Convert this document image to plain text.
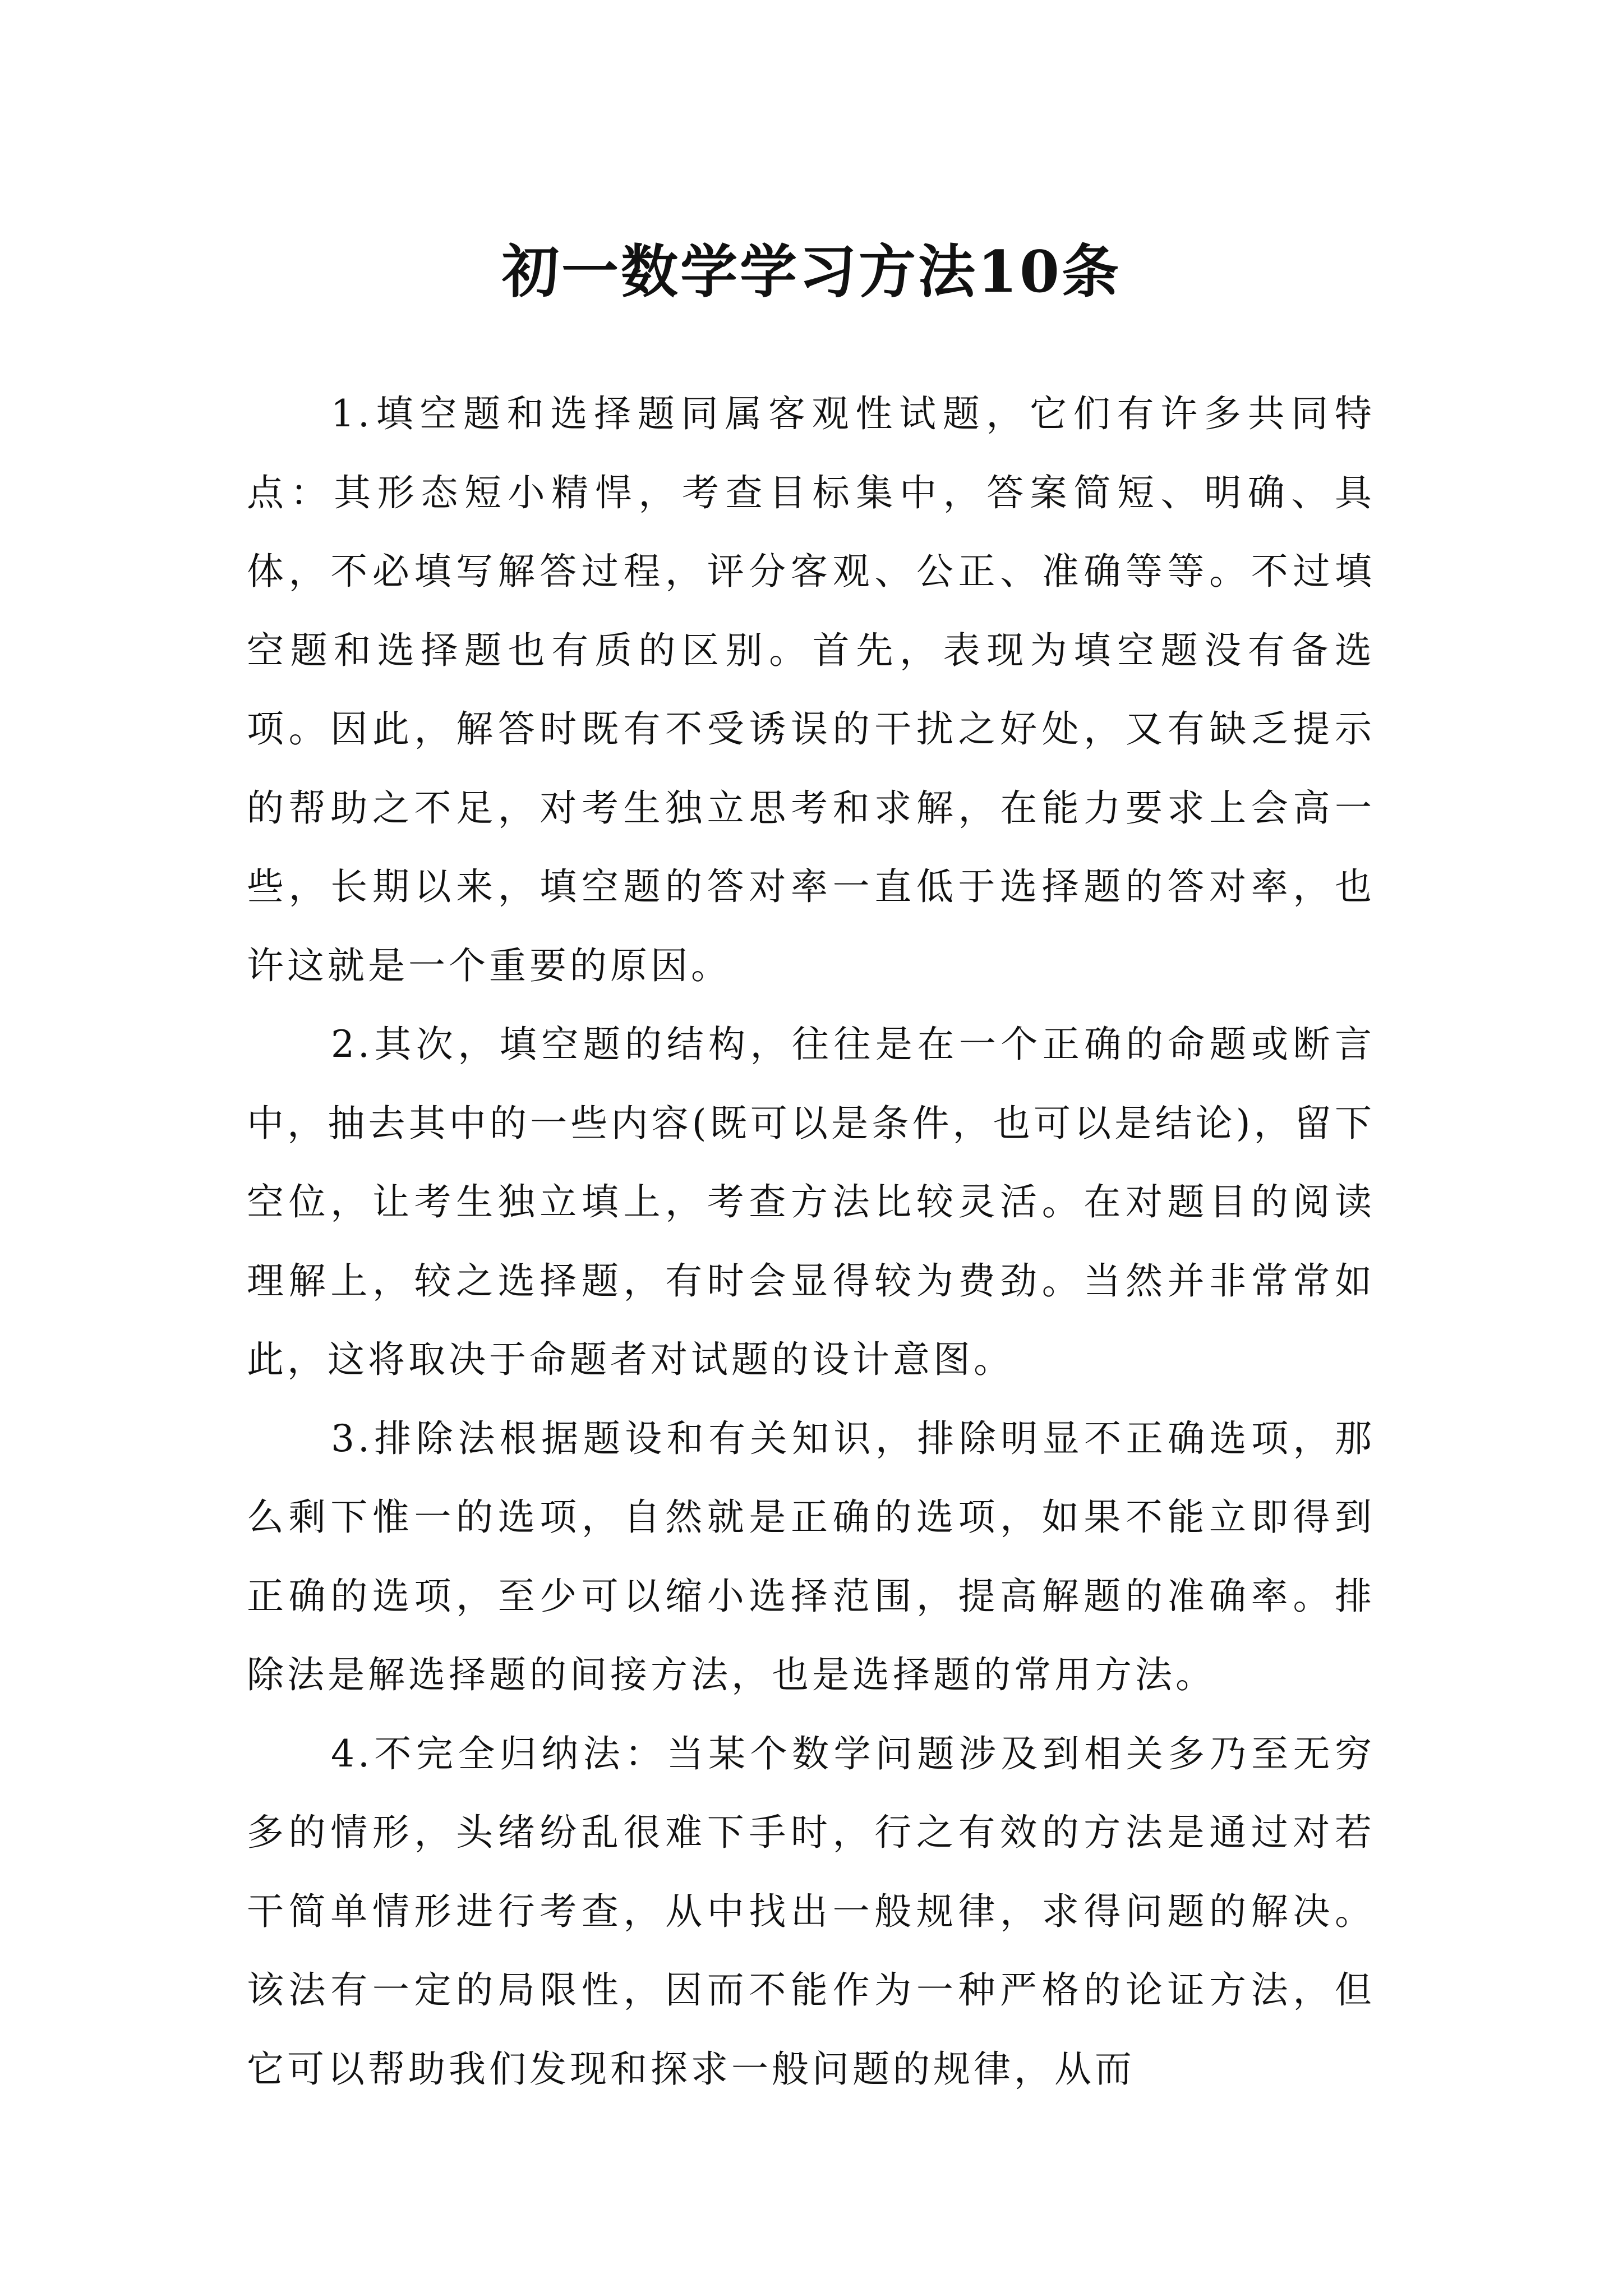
初一数学学习方法10条

1.填空题和选择题同属客观性试题，它们有许多共同特点：其形态短小精悍，考查目标集中，答案简短、明确、具体，不必填写解答过程，评分客观、公正、准确等等。不过填空题和选择题也有质的区别。首先，表现为填空题没有备选项。因此，解答时既有不受诱误的干扰之好处，又有缺乏提示的帮助之不足，对考生独立思考和求解，在能力要求上会高一些，长期以来，填空题的答对率一直低于选择题的答对率，也许这就是一个重要的原因。

2.其次，填空题的结构，往往是在一个正确的命题或断言中，抽去其中的一些内容(既可以是条件，也可以是结论)，留下空位，让考生独立填上，考查方法比较灵活。在对题目的阅读理解上，较之选择题，有时会显得较为费劲。当然并非常常如此，这将取决于命题者对试题的设计意图。

3.排除法根据题设和有关知识，排除明显不正确选项，那么剩下惟一的选项，自然就是正确的选项，如果不能立即得到正确的选项，至少可以缩小选择范围，提高解题的准确率。排除法是解选择题的间接方法，也是选择题的常用方法。

4.不完全归纳法：当某个数学问题涉及到相关多乃至无穷多的情形，头绪纷乱很难下手时，行之有效的方法是通过对若干简单情形进行考查，从中找出一般规律，求得问题的解决。该法有一定的局限性，因而不能作为一种严格的论证方法，但它可以帮助我们发现和探求一般问题的规律，从而
